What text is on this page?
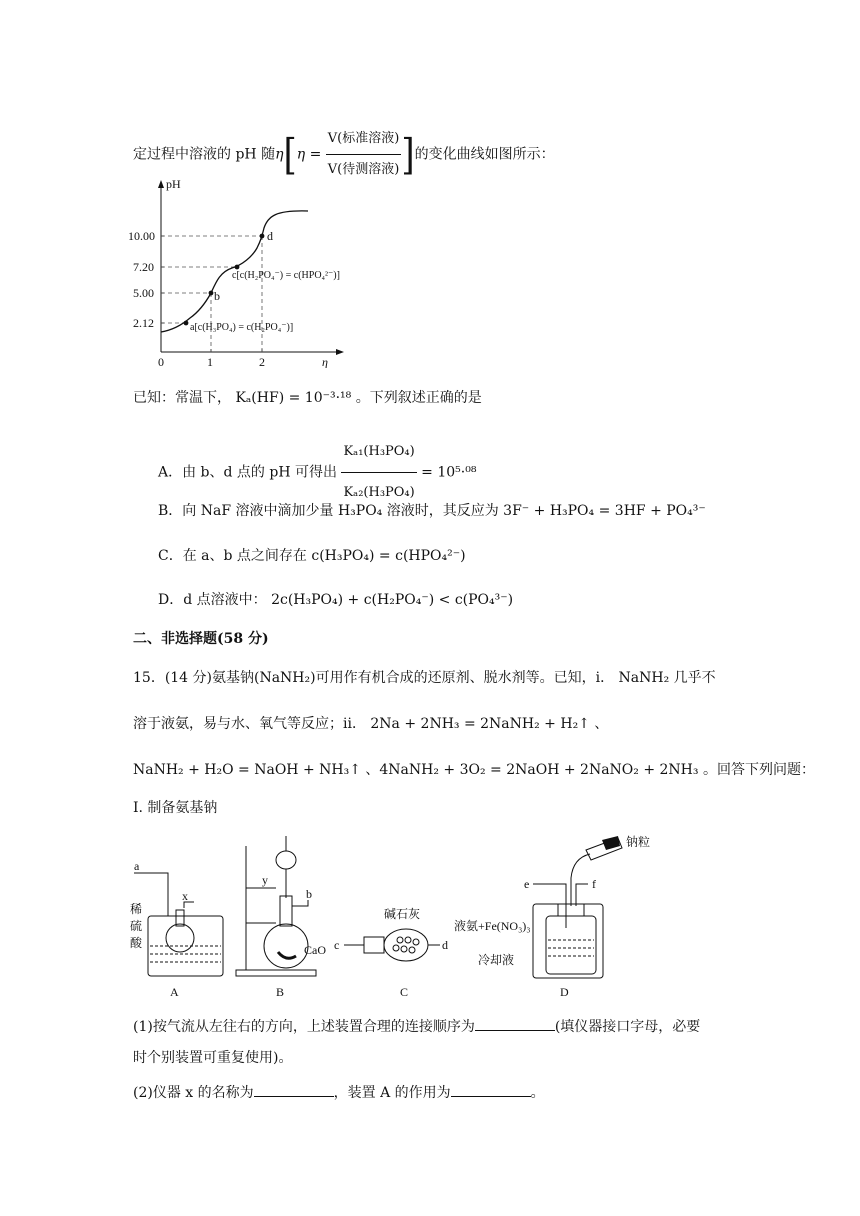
定过程中溶液的 pH 随$\eta[\eta = \frac{\text{V(标准溶液)}}{\text{V(待测溶液)}}$ ]的变化曲线如图所示：
pH
η
10.00
7.20
5.00
2.12
0	1	2
a[c(H₃PO₄) = c(H₂PO₄⁻)]
b
c[c(H₂PO₄⁻) = c(HPO₄²⁻)]
d
已知：常温下， Kₐ(HF) = 10⁻³·¹⁸ 。下列叙述正确的是
A．由 b、d 点的 pH 可得出 $\frac{\text{Kₐ₁(H₃PO₄)}}{\text{Kₐ₂(H₃PO₄)}} = 10^5\cdot^{08}$
B．向 NaF 溶液中滴加少量 H₃PO₄ 溶液时，其反应为 3F⁻ + H₃PO₄ = 3HF + PO₄³⁻
C．在 a、b 点之间存在 c(H₃PO₄) = c(HPO₄²⁻)
D．d 点溶液中： 2c(H₃PO₄) + c(H₂PO₄⁻) < c(PO₄³⁻)
二、非选择题(58 分)
15．(14 分)氨基钠(NaNH₂)可用作有机合成的还原剂、脱水剂等。已知，i． NaNH₂ 几乎不
溶于液氨，易与水、氧气等反应；ii． 2Na + 2NH₃ = 2NaNH₂ + H₂↑ 、
NaNH₂ + H₂O = NaOH + NH₃↑ 、4NaNH₂ + 3O₂ = 2NaOH + 2NaNO₂ + 2NH₃ 。回答下列问题：
I. 制备氨基钠
A
a
x
稀
硫
酸
B
y
b
CaO
C
c	d
碱石灰
D
e	f
钠粒
液氨+Fe(NO₃)₃
冷却液
(1)按气流从左往右的方向，上述装置合理的连接顺序为	(填仪器接口字母，必要
时个别装置可重复使用)。
(2)仪器 x 的名称为	，装置 A 的作用为	。
